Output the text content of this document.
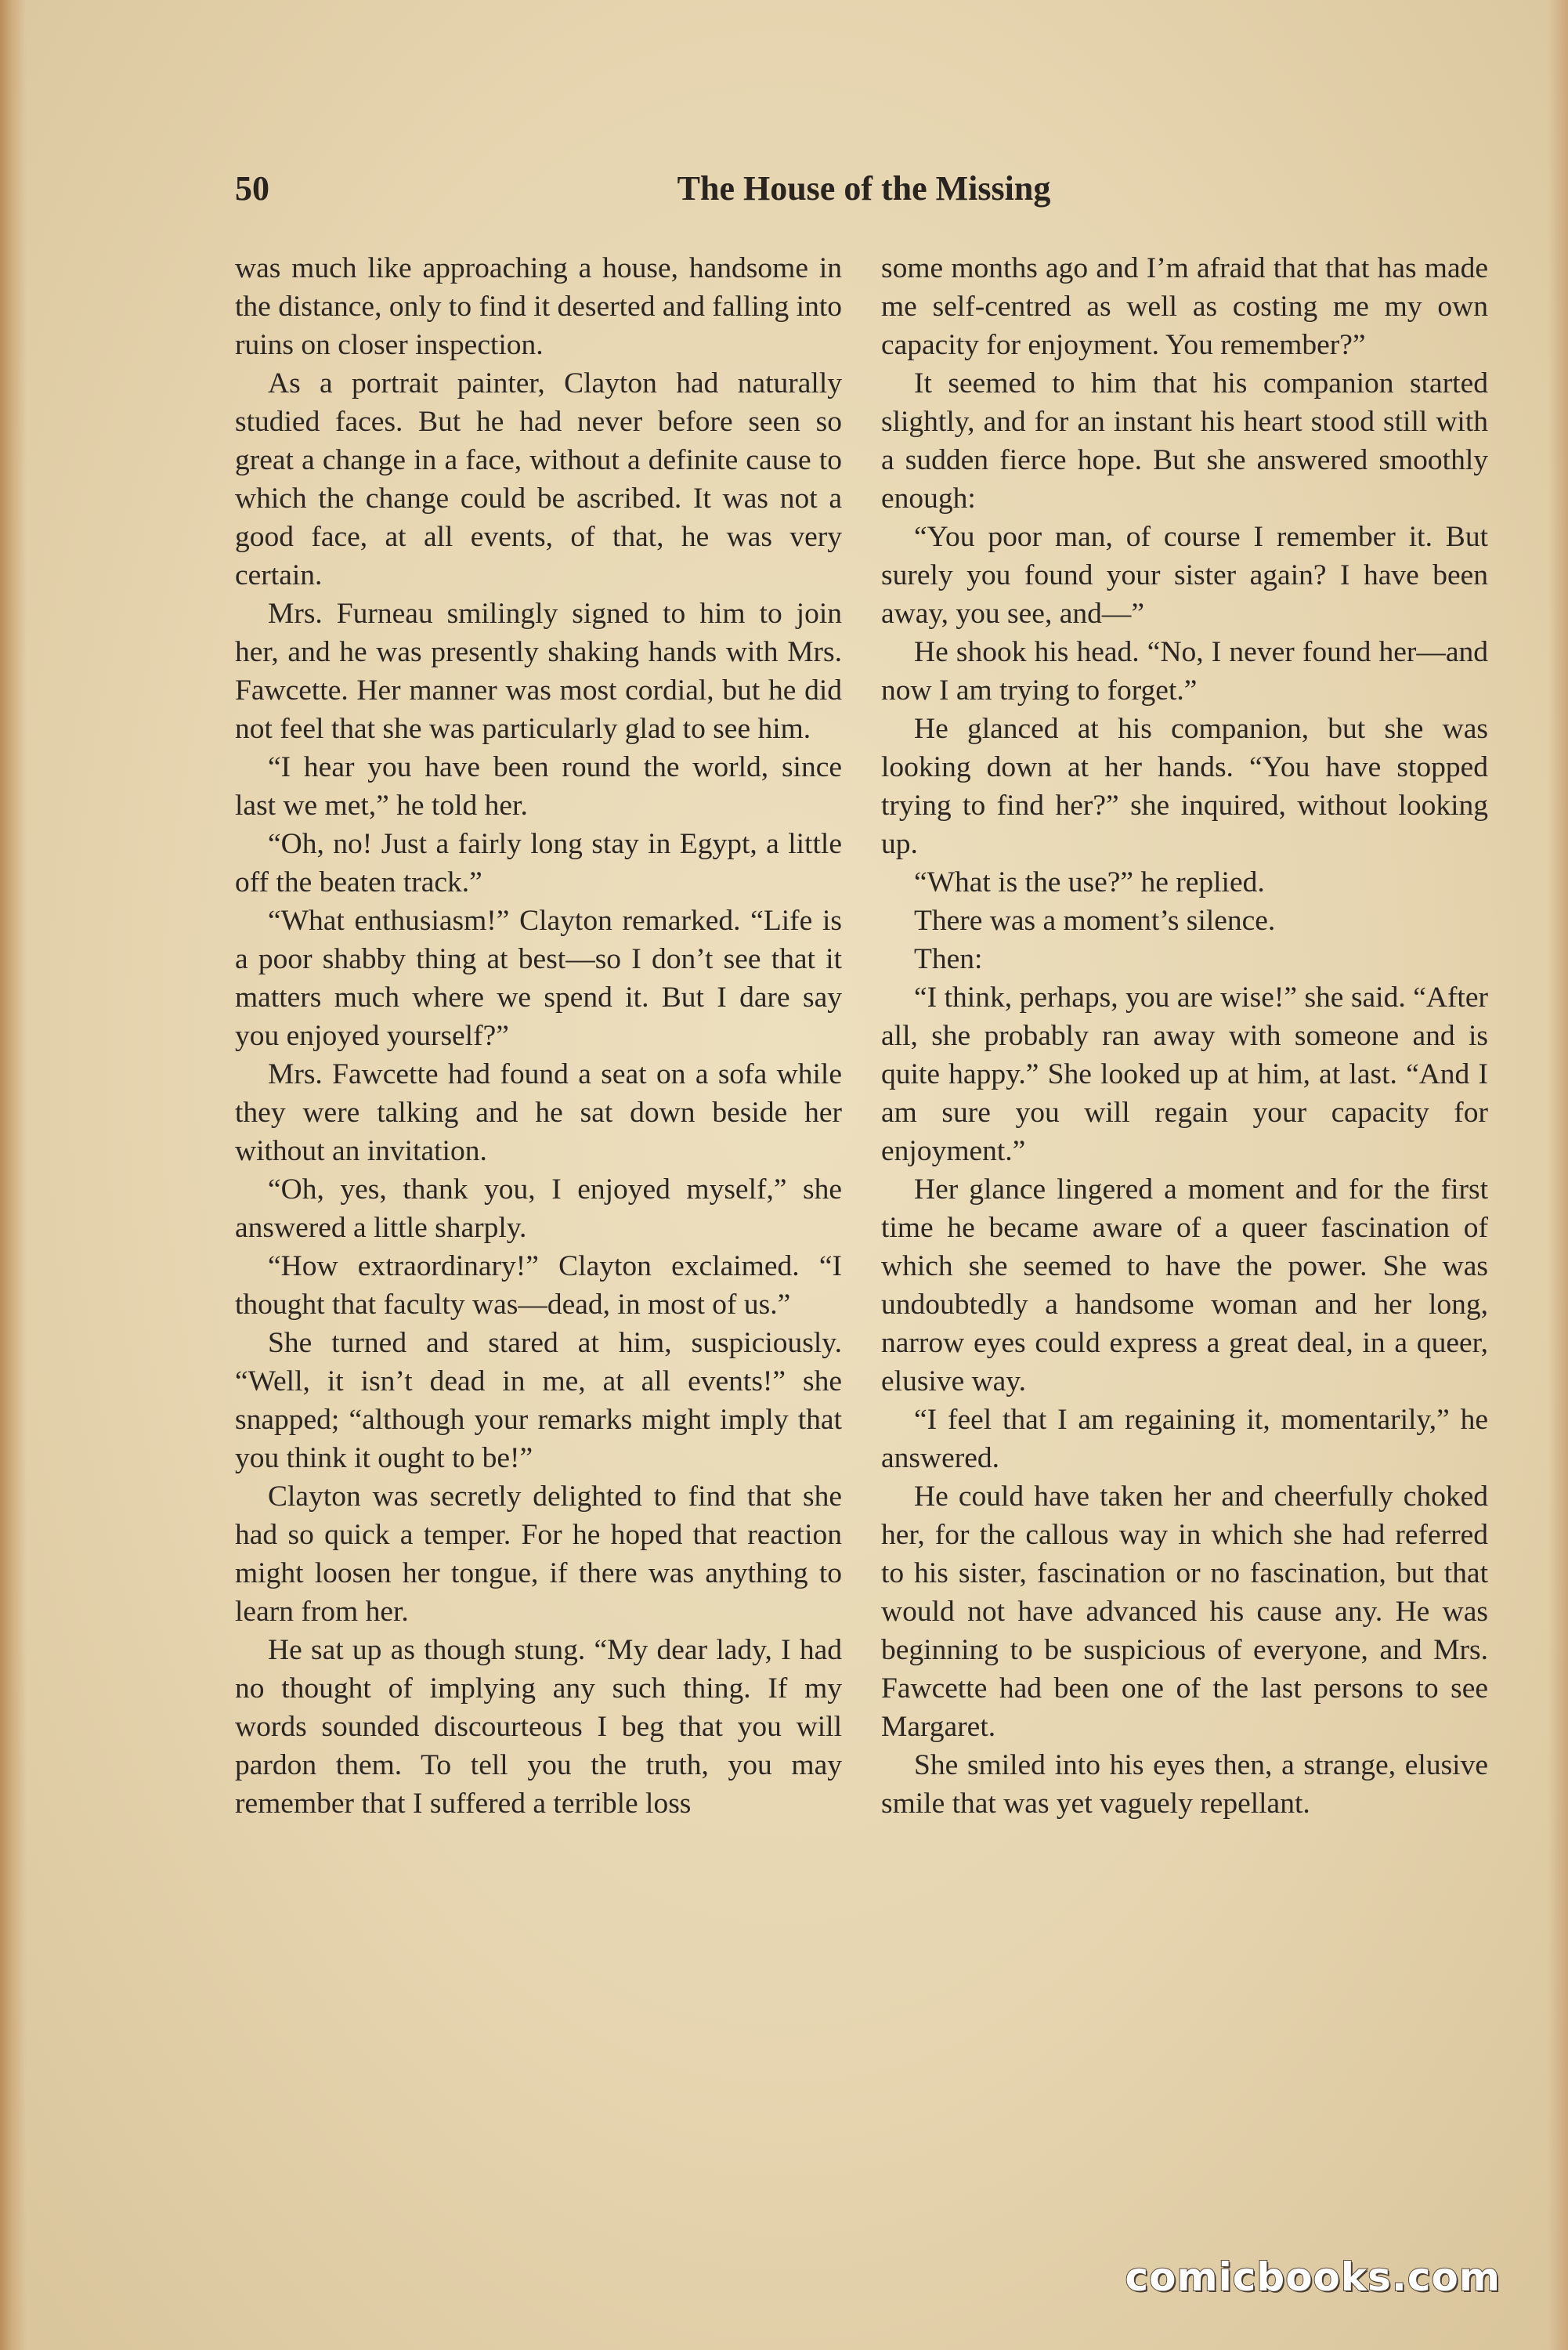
50	The House of the Missing

was much like approaching a house, handsome in the distance, only to find it deserted and falling into ruins on closer inspection.

As a portrait painter, Clayton had naturally studied faces. But he had never before seen so great a change in a face, without a definite cause to which the change could be ascribed. It was not a good face, at all events, of that, he was very certain.

Mrs. Furneau smilingly signed to him to join her, and he was presently shaking hands with Mrs. Fawcette. Her manner was most cordial, but he did not feel that she was particularly glad to see him.

“I hear you have been round the world, since last we met,” he told her.

“Oh, no! Just a fairly long stay in Egypt, a little off the beaten track.”

“What enthusiasm!” Clayton remarked. “Life is a poor shabby thing at best—so I don’t see that it matters much where we spend it. But I dare say you enjoyed yourself?”

Mrs. Fawcette had found a seat on a sofa while they were talking and he sat down beside her without an invitation.

“Oh, yes, thank you, I enjoyed myself,” she answered a little sharply.

“How extraordinary!” Clayton exclaimed. “I thought that faculty was—dead, in most of us.”

She turned and stared at him, suspiciously. “Well, it isn’t dead in me, at all events!” she snapped; “although your remarks might imply that you think it ought to be!”

Clayton was secretly delighted to find that she had so quick a temper. For he hoped that reaction might loosen her tongue, if there was anything to learn from her.

He sat up as though stung. “My dear lady, I had no thought of implying any such thing. If my words sounded discourteous I beg that you will pardon them. To tell you the truth, you may remember that I suffered a terrible loss

some months ago and I’m afraid that that has made me self-centred as well as costing me my own capacity for enjoyment. You remember?”

It seemed to him that his companion started slightly, and for an instant his heart stood still with a sudden fierce hope. But she answered smoothly enough:

“You poor man, of course I remember it. But surely you found your sister again? I have been away, you see, and—”

He shook his head. “No, I never found her—and now I am trying to forget.”

He glanced at his companion, but she was looking down at her hands. “You have stopped trying to find her?” she inquired, without looking up.

“What is the use?” he replied.

There was a moment’s silence.

Then:

“I think, perhaps, you are wise!” she said. “After all, she probably ran away with someone and is quite happy.” She looked up at him, at last. “And I am sure you will regain your capacity for enjoyment.”

Her glance lingered a moment and for the first time he became aware of a queer fascination of which she seemed to have the power. She was undoubtedly a handsome woman and her long, narrow eyes could express a great deal, in a queer, elusive way.

“I feel that I am regaining it, momentarily,” he answered.

He could have taken her and cheerfully choked her, for the callous way in which she had referred to his sister, fascination or no fascination, but that would not have advanced his cause any. He was beginning to be suspicious of everyone, and Mrs. Fawcette had been one of the last persons to see Margaret.

She smiled into his eyes then, a strange, elusive smile that was yet vaguely repellant.

comicbooks.com
